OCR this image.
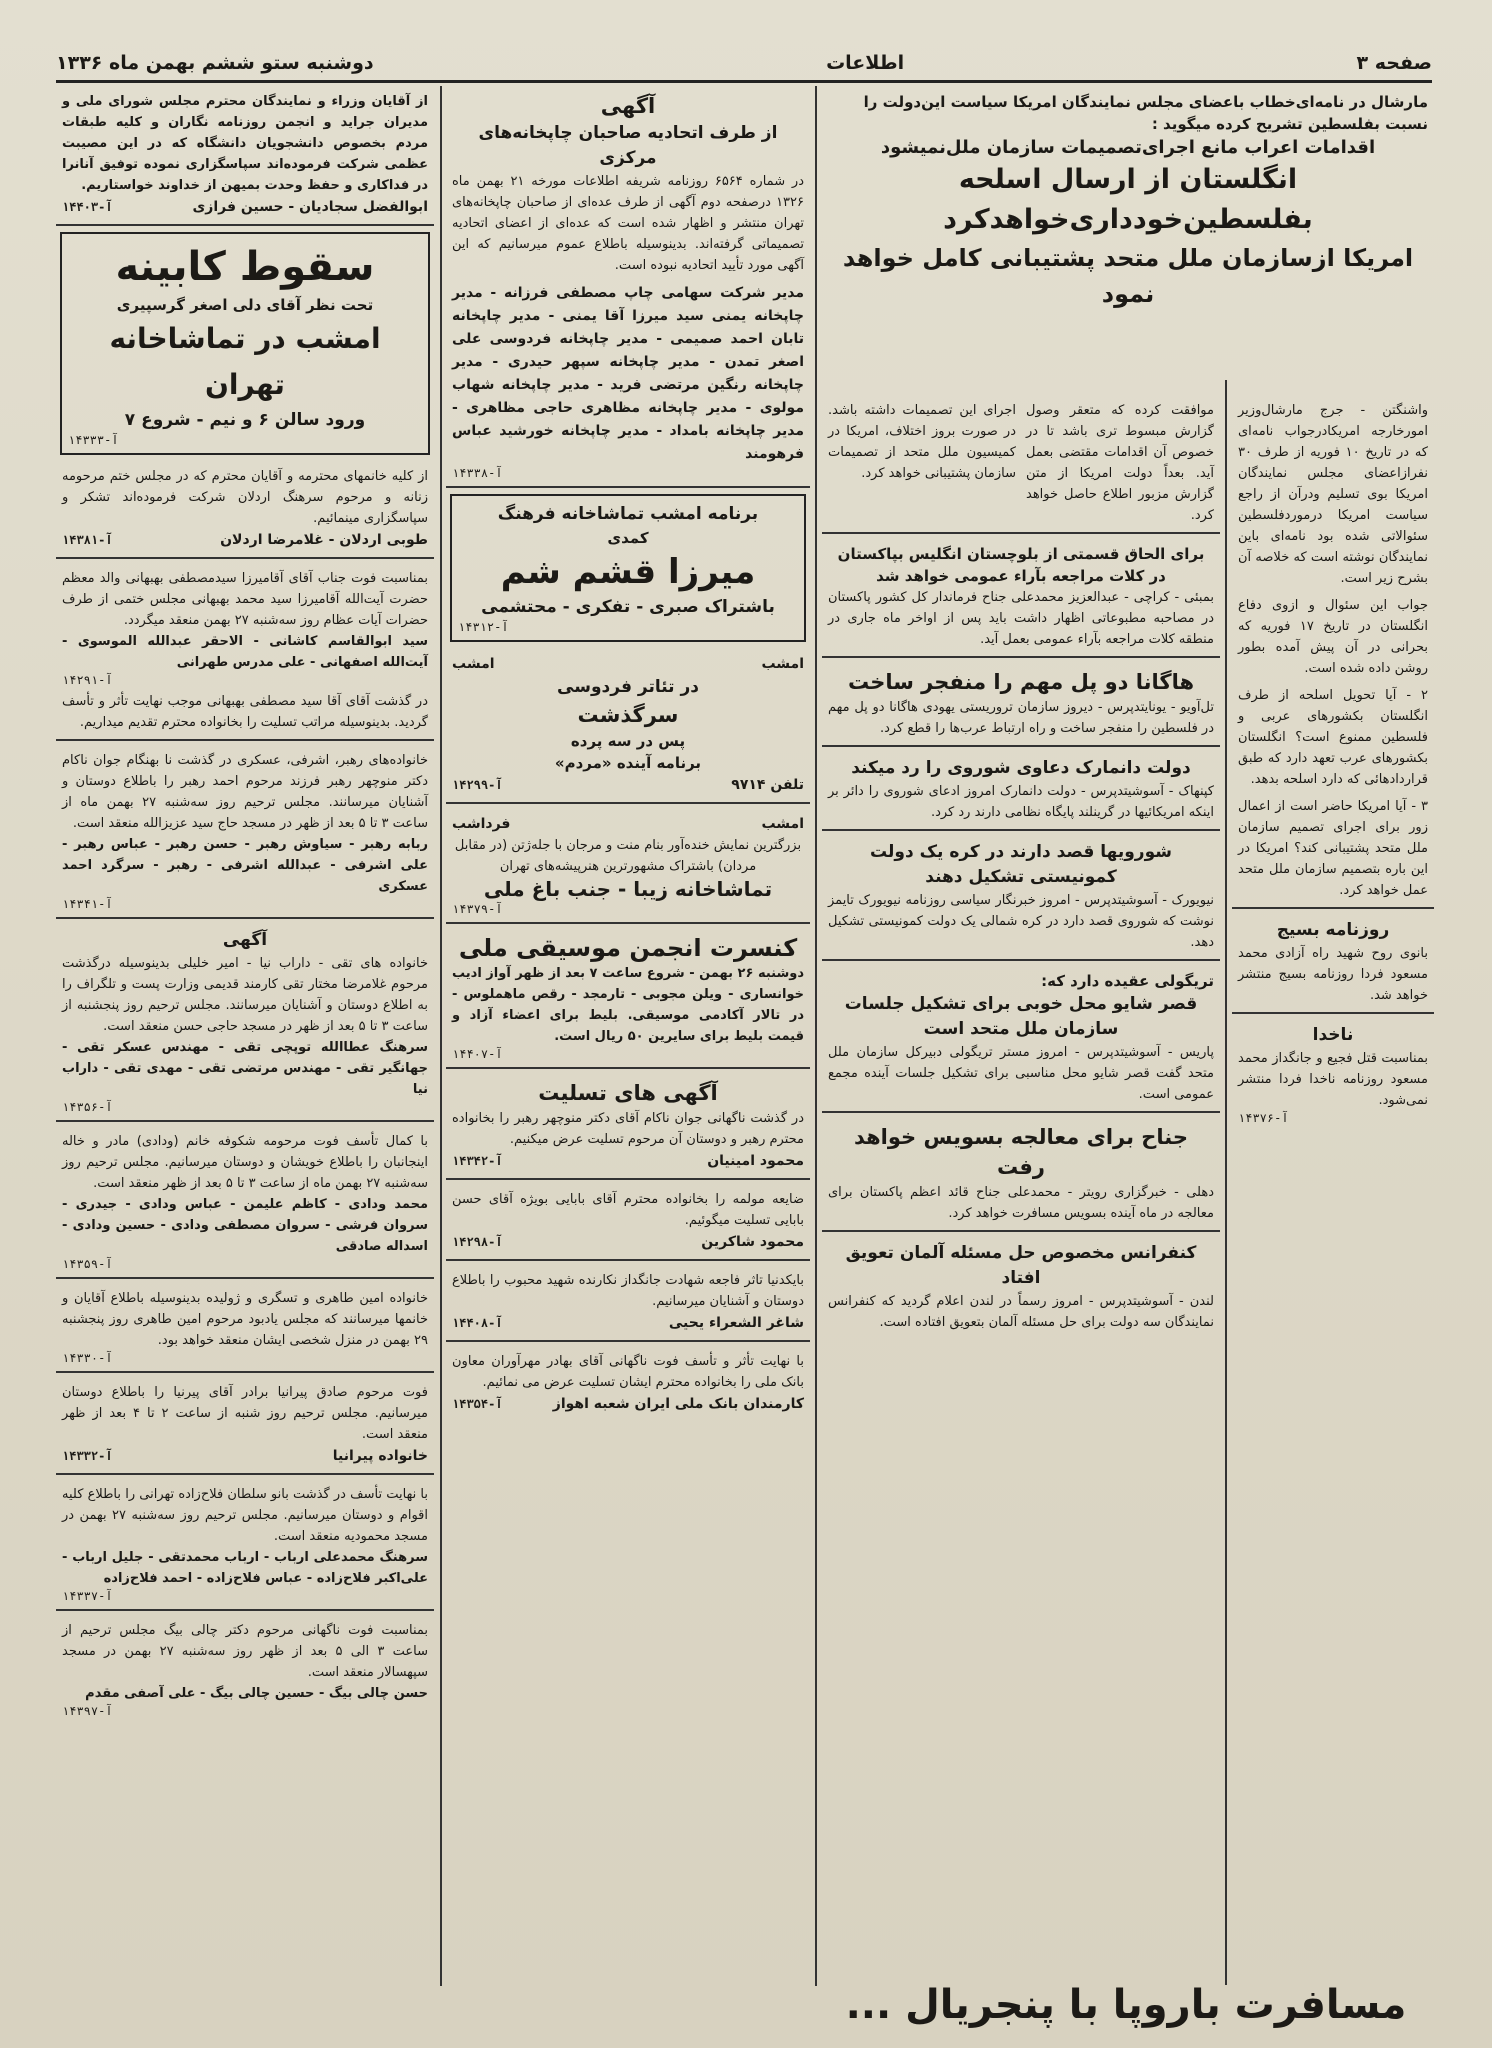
صفحه ۳
اطلاعات
دوشنبه‌ ستو ششم بهمن ماه ۱۳۳۶
مارشال در نامه‌ای‌خطاب باعضای مجلس نمایندگان امریکا سیاست این‌دولت را نسبت بفلسطین تشریح کرده میگوید :
اقدامات اعراب مانع اجرای‌تصمیمات سازمان ملل‌نمیشود
انگلستان از ارسال اسلحه بفلسطین‌خودداری‌خواهدکرد
امریکا ازسازمان ملل متحد پشتیبانی کامل خواهد نمود
واشنگتن - جرج مارشال‌وزیر امورخارجه امریکادرجواب نامه‌ای که در تاریخ ۱۰ فوریه از طرف ۳۰ نفرازاعضای مجلس نمایندگان امریکا بوی تسلیم ودرآن از راجع سیاست امریکا درموردفلسطین سئوالاتی شده بود نامه‌ای باین نمایندگان نوشته است که خلاصه آن بشرح زیر است.
جواب این سئوال و ازوی دفاع انگلستان در تاریخ ۱۷ فوریه که بحرانی در آن پیش آمده بطور روشن داده شده است.
۲ - آیا تحویل اسلحه از طرف انگلستان بکشورهای عربی و فلسطین ممنوع است؟ انگلستان بکشورهای عرب تعهد دارد که طبق قراردادهائی که دارد اسلحه بدهد.
۳ - آیا امریکا حاضر است از اعمال زور برای اجرای تصمیم سازمان ملل متحد پشتیبانی کند؟ امریکا در این باره بتصمیم سازمان ملل متحد عمل خواهد کرد.
روزنامه بسیج
بانوی روح شهید راه آزادی محمد مسعود فردا روزنامه بسیج منتشر خواهد شد.
ناخدا
بمناسبت قتل فجیع و جانگداز محمد مسعود روزنامه ناخدا فردا منتشر نمی‌شود.
۱۴۳۷۶-آ
موافقت کرده که متعقر وصول گزارش مبسوط تری باشد تا در خصوص آن اقدامات مقتضی بعمل آید. بعداً دولت امریکا از متن گزارش مزبور اطلاع حاصل خواهد کرد.
اجرای این تصمیمات داشته باشد. در صورت بروز اختلاف، امریکا در کمیسیون ملل متحد از تصمیمات سازمان پشتیبانی خواهد کرد.
برای الحاق قسمتی از بلوچستان انگلیس بپاکستان در کلات مراجعه بآراء عمومی خواهد شد
بمبئی - کراچی - عبدالعزیز محمدعلی جناح فرماندار کل کشور پاکستان در مصاحبه مطبوعاتی اظهار داشت باید پس از اواخر ماه جاری در منطقه کلات مراجعه بآراء عمومی بعمل آید.
هاگانا دو پل مهم را منفجر ساخت
تل‌آویو - یونایتدپرس - دیروز سازمان تروریستی یهودی هاگانا دو پل مهم در فلسطین را منفجر ساخت و راه ارتباط عرب‌ها را قطع کرد.
دولت دانمارک دعاوی شوروی را رد میکند
کپنهاک - آسوشیتدپرس - دولت دانمارک امروز ادعای شوروی را دائر بر اینکه امریکائیها در گرینلند پایگاه نظامی دارند رد کرد.
شورویها قصد دارند در کره یک دولت کمونیستی تشکیل دهند
نیویورک - آسوشیتدپرس - امروز خبرنگار سیاسی روزنامه نیویورک تایمز نوشت که شوروی قصد دارد در کره شمالی یک دولت کمونیستی تشکیل دهد.
تریگولی عقیده دارد که:
قصر شایو محل خوبی برای تشکیل جلسات سازمان ملل متحد است
پاریس - آسوشیتدپرس - امروز مستر تریگولی دبیرکل سازمان ملل متحد گفت قصر شایو محل مناسبی برای تشکیل جلسات آینده مجمع عمومی است.
جناح برای معالجه بسویس خواهد رفت
دهلی - خبرگزاری رویتر - محمدعلی جناح قائد اعظم پاکستان برای معالجه در ماه آینده بسویس مسافرت خواهد کرد.
کنفرانس مخصوص حل مسئله آلمان تعویق افتاد
لندن - آسوشیتدپرس - امروز رسماً در لندن اعلام گردید که کنفرانس نمایندگان سه دولت برای حل مسئله آلمان بتعویق افتاده است.
آگهی
از طرف اتحادیه صاحبان چاپخانه‌های مرکزی
در شماره ۶۵۶۴ روزنامه شریفه اطلاعات مورخه ۲۱ بهمن ماه ۱۳۲۶ درصفحه دوم آگهی از طرف عده‌ای از صاحبان چاپخانه‌های تهران منتشر و اظهار شده است که عده‌ای از اعضای اتحادیه تصمیماتی گرفته‌اند. بدینوسیله باطلاع عموم میرسانیم که این آگهی مورد تأیید اتحادیه نبوده است.
مدیر شرکت سهامی چاپ مصطفی فرزانه - مدیر چاپخانه یمنی سید میرزا آقا یمنی - مدیر چاپخانه تابان احمد صمیمی - مدیر چاپخانه فردوسی علی اصغر تمدن - مدیر چاپخانه سپهر حیدری - مدیر چاپخانه رنگین مرتضی فرید - مدیر چاپخانه شهاب مولوی - مدیر چاپخانه مظاهری حاجی مظاهری - مدیر چاپخانه بامداد - مدیر چاپخانه خورشید عباس فرهومند
۱۴۳۳۸-آ
برنامه امشب تماشاخانه فرهنگ
کمدی
میرزا قشم شم
باشتراک صبری - تفکری - محتشمی
۱۴۳۱۲-آ
امشب
امشب
در تئاتر فردوسی
سرگذشت
پس در سه پرده
برنامه آینده «مردم»
تلفن ۹۷۱۴
۱۴۲۹۹-آ
امشب
فرداشب
بزرگترین نمایش خنده‌آور بنام منت و مرجان با جله‌ژتن (در مقابل مردان) باشتراک مشهورترین هنرپیشه‌های تهران
تماشاخانه زیبا - جنب باغ ملی
۱۴۳۷۹-آ
کنسرت انجمن موسیقی ملی
دوشنبه ۲۶ بهمن - شروع ساعت ۷ بعد از ظهر آواز ادیب خوانساری - ویلن مجوبی - تارمجد - رقص ماهملوس - در تالار آکادمی موسیقی. بلیط برای اعضاء آزاد و قیمت بلیط برای سایرین ۵۰ ریال است.
۱۴۴۰۷-آ
آگهی های تسلیت
در گذشت ناگهانی جوان ناکام آقای دکتر منوچهر رهبر را بخانواده محترم رهبر و دوستان آن مرحوم تسلیت عرض میکنیم.
محمود امینیان
۱۴۳۴۲-آ
ضایعه مولمه را بخانواده محترم آقای بابایی بویژه آقای حسن بابایی تسلیت میگوئیم.
محمود شاکرین
۱۴۲۹۸-آ
بایکدنیا تاثر فاجعه شهادت جانگداز نکارنده شهید محبوب را باطلاع دوستان و آشنایان میرسانیم.
شاغر الشعراء یحیی
۱۴۴۰۸-آ
با نهایت تأثر و تأسف فوت ناگهانی آقای بهادر مهرآوران معاون بانک ملی را بخانواده محترم ایشان تسلیت عرض می نمائیم.
کارمندان بانک ملی ایران شعبه اهواز
۱۴۳۵۴-آ
از آقایان وزراء و نمایندگان محترم مجلس شورای ملی و مدیران جراید و انجمن روزنامه نگاران و کلیه طبقات مردم بخصوص دانشجویان دانشگاه که در این مصیبت عظمی شرکت فرموده‌اند سپاسگزاری نموده توفیق آنانرا در فداکاری و حفظ وحدت بمیهن از خداوند خواستاریم.
ابوالفضل سجادیان - حسین فرازی
۱۴۴۰۳-آ
سقوط کابینه
تحت نظر آقای دلی اصغر گرسپیری
امشب در تماشاخانه تهران
ورود سالن ۶ و نیم - شروع ۷
۱۴۳۳۳-آ
از کلیه خانمهای محترمه و آقایان محترم که در مجلس ختم مرحومه زنانه و مرحوم سرهنگ اردلان شرکت فرموده‌اند تشکر و سپاسگزاری مینمائیم.
طوبی اردلان - غلامرضا اردلان
۱۴۳۸۱-آ
بمناسبت فوت جناب آقای آقامیرزا سیدمصطفی بهبهانی والد معظم حضرت آیت‌الله آقامیرزا سید محمد بهبهانی مجلس ختمی از طرف حضرات آیات عظام روز سه‌شنبه ۲۷ بهمن منعقد میگردد.
سید ابوالقاسم کاشانی - الاحقر عبدالله الموسوی - آیت‌الله اصفهانی - علی مدرس طهرانی
۱۴۲۹۱-آ
در گذشت آقای آقا سید مصطفی بهبهانی موجب نهایت تأثر و تأسف گردید. بدینوسیله مراتب تسلیت را بخانواده محترم تقدیم میداریم.
خانواده‌های رهبر، اشرفی، عسکری در گذشت نا بهنگام جوان ناکام دکتر منوچهر رهبر فرزند مرحوم احمد رهبر را باطلاع دوستان و آشنایان میرسانند. مجلس ترحیم روز سه‌شنبه ۲۷ بهمن ماه از ساعت ۳ تا ۵ بعد از ظهر در مسجد حاج سید عزیزالله منعقد است.
ربابه رهبر - سیاوش رهبر - حسن رهبر - عباس رهبر - علی اشرفی - عبدالله اشرفی - رهبر - سرگرد احمد عسکری
۱۴۳۴۱-آ
آگهی
خانواده های تقی - داراب نیا - امیر خلیلی بدینوسیله درگذشت مرحوم غلامرضا مختار تقی کارمند قدیمی وزارت پست و تلگراف را به اطلاع دوستان و آشنایان میرسانند. مجلس ترحیم روز پنجشنبه از ساعت ۳ تا ۵ بعد از ظهر در مسجد حاجی حسن منعقد است.
سرهنگ عطاالله توپچی تقی - مهندس عسکر تقی - جهانگیر تقی - مهندس مرتضی تقی - مهدی تقی - داراب نیا
۱۴۳۵۶-آ
با کمال تأسف فوت مرحومه شکوفه خانم (ودادی) مادر و خاله اینجانبان را باطلاع خویشان و دوستان میرسانیم. مجلس ترحیم روز سه‌شنبه ۲۷ بهمن ماه از ساعت ۳ تا ۵ بعد از ظهر منعقد است.
محمد ودادی - کاظم علیمن - عباس ودادی - جیدری - سروان فرشی - سروان مصطفی ودادی - حسین ودادی - اسداله صادقی
۱۴۳۵۹-آ
خانواده امین طاهری و تسگری و ژولیده بدینوسیله باطلاع آقایان و خانمها میرسانند که مجلس یادبود مرحوم امین طاهری روز پنجشنبه ۲۹ بهمن در منزل شخصی ایشان منعقد خواهد بود.
۱۴۳۳۰-آ
فوت مرحوم صادق پیرانیا برادر آقای پیرنیا را باطلاع دوستان میرسانیم. مجلس ترحیم روز شنبه از ساعت ۲ تا ۴ بعد از ظهر منعقد است.
خانواده پیرانیا
۱۴۳۳۲-آ
با نهایت تأسف در گذشت بانو سلطان فلاح‌زاده تهرانی را باطلاع کلیه اقوام و دوستان میرسانیم. مجلس ترحیم روز سه‌شنبه ۲۷ بهمن در مسجد محمودیه منعقد است.
سرهنگ محمدعلی ارباب - ارباب محمدتقی - جلیل ارباب - علی‌اکبر فلاح‌زاده - عباس فلاح‌زاده - احمد فلاح‌زاده
۱۴۳۳۷-آ
بمناسبت فوت ناگهانی مرحوم دکتر چالی بیگ مجلس ترحیم از ساعت ۳ الی ۵ بعد از ظهر روز سه‌شنبه ۲۷ بهمن در مسجد سپهسالار منعقد است.
حسن چالی بیگ - حسین چالی بیگ - علی آصفی مقدم
۱۴۳۹۷-آ
مسافرت باروپا با پنجریال ...
